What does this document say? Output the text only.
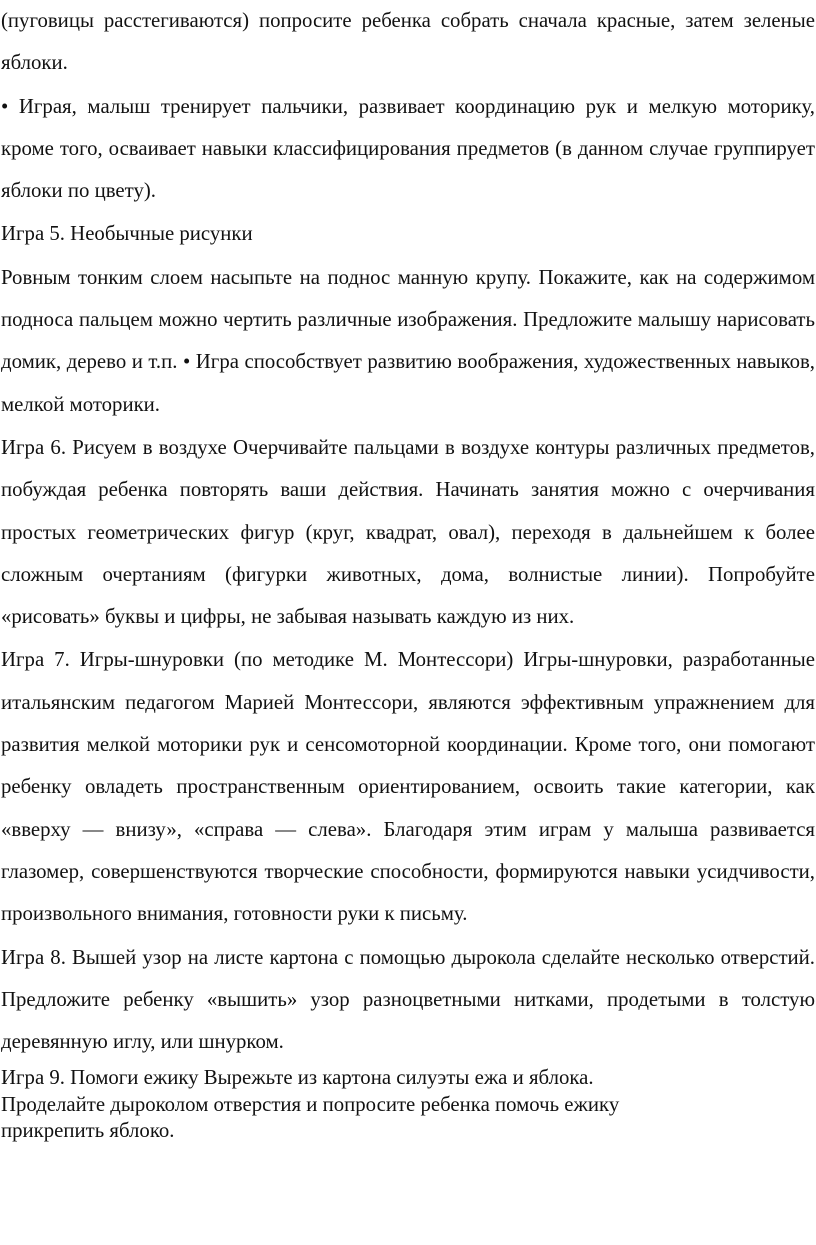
(пуговицы расстегиваются) попросите ребенка собрать сначала красные, затем зеленые яблоки.

• Играя, малыш тренирует пальчики, развивает координацию рук и мелкую моторику, кроме того, осваивает навыки классифицирования предметов (в данном случае группирует яблоки по цвету).

Игра 5. Необычные рисунки

Ровным тонким слоем насыпьте на поднос манную крупу. Покажите, как на содержимом подноса пальцем можно чертить различные изображения. Предложите малышу нарисовать домик, дерево и т.п. • Игра способствует развитию воображения, художественных навыков, мелкой моторики.

Игра 6. Рисуем в воздухе Очерчивайте пальцами в воздухе контуры различных предметов, побуждая ребенка повторять ваши действия. Начинать занятия можно с очерчивания простых геометрических фигур (круг, квадрат, овал), переходя в дальнейшем к более сложным очертаниям (фигурки животных, дома, волнистые линии). Попробуйте «рисовать» буквы и цифры, не забывая называть каждую из них.

Игра 7. Игры-шнуровки (по методике М. Монтессори) Игры-шнуровки, разработанные итальянским педагогом Марией Монтессори, являются эффективным упражнением для развития мелкой моторики рук и сенсомоторной координации. Кроме того, они помогают ребенку овладеть пространственным ориентированием, освоить такие категории, как «вверху — внизу», «справа — слева». Благодаря этим играм у малыша развивается глазомер, совершенствуются творческие способности, формируются навыки усидчивости, произвольного внимания, готовности руки к письму.

Игра 8. Вышей узор на листе картона с помощью дырокола сделайте несколько отверстий. Предложите ребенку «вышить» узор разноцветными нитками, продетыми в толстую деревянную иглу, или шнурком.

Игра 9. Помоги ежику Вырежьте из картона силуэты ежа и яблока.
Проделайте дыроколом отверстия и попросите ребенка помочь ежику
прикрепить яблоко.
